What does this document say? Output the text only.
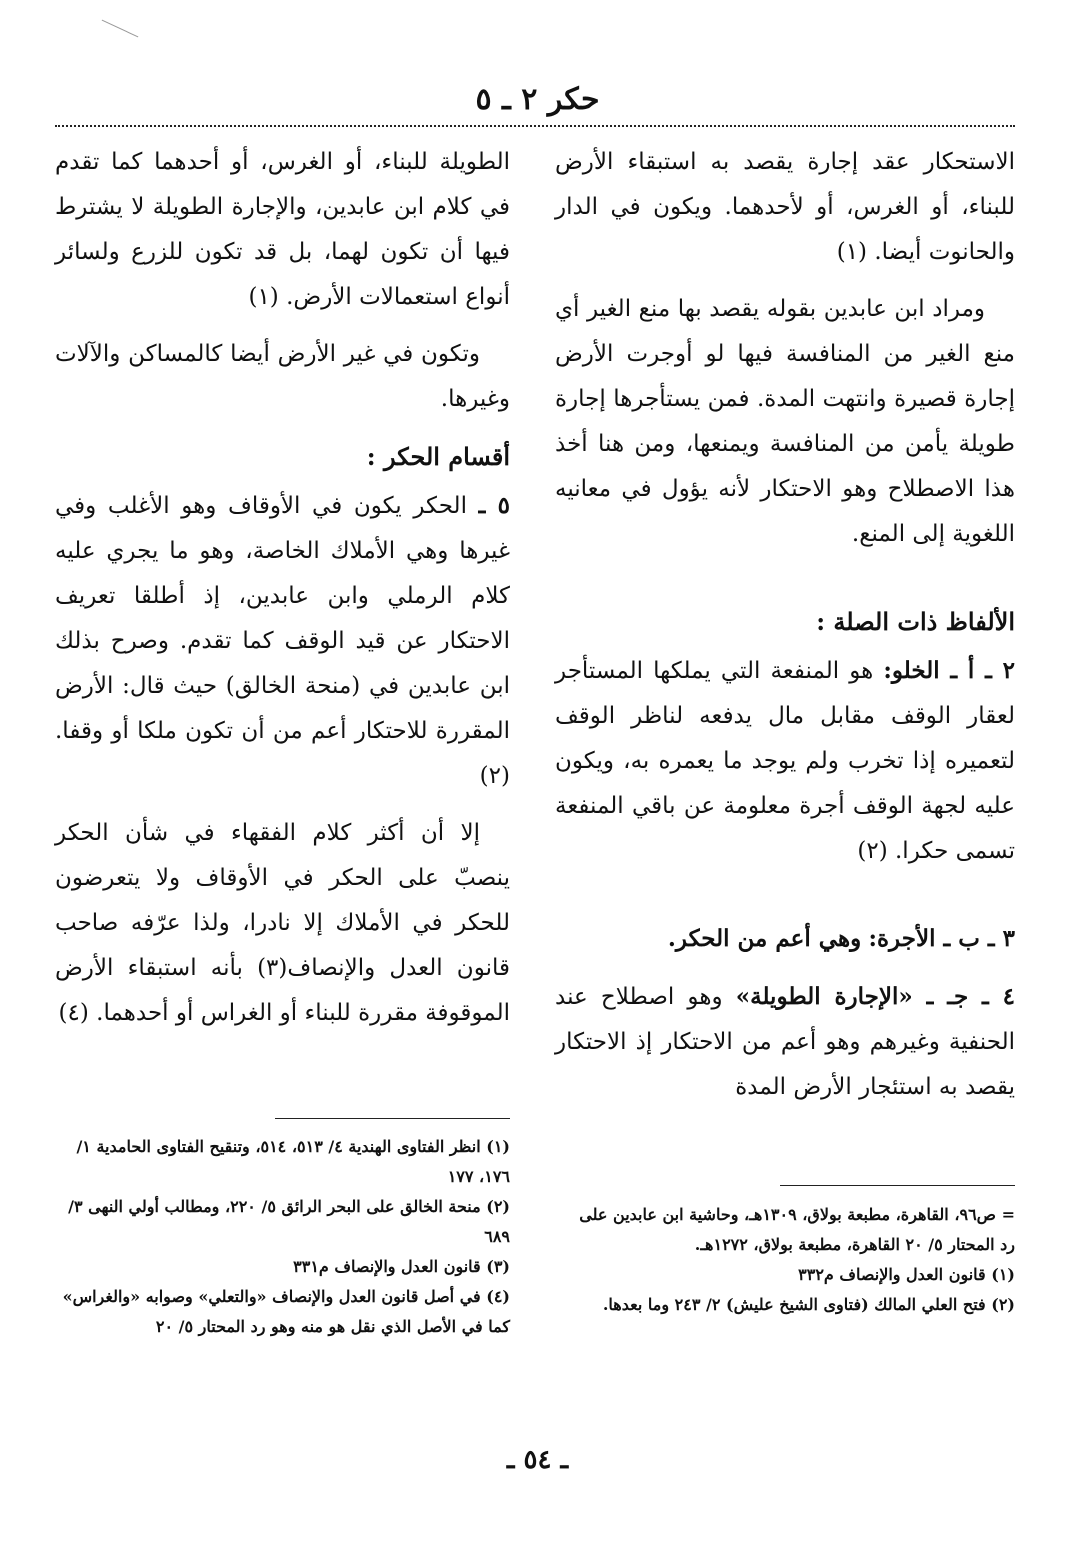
حكر ٢ ـ ٥

الاستحكار عقد إجارة يقصد به استبقاء الأرض للبناء، أو الغرس، أو لأحدهما. ويكون في الدار والحانوت أيضا. (١)

ومراد ابن عابدين بقوله يقصد بها منع الغير أي منع الغير من المنافسة فيها لو أوجرت الأرض إجارة قصيرة وانتهت المدة. فمن يستأجرها إجارة طويلة يأمن من المنافسة ويمنعها، ومن هنا أخذ هذا الاصطلاح وهو الاحتكار لأنه يؤول في معانيه اللغوية إلى المنع.

الألفاظ ذات الصلة :

٢ ـ أ ـ الخلو: هو المنفعة التي يملكها المستأجر لعقار الوقف مقابل مال يدفعه لناظر الوقف لتعميره إذا تخرب ولم يوجد ما يعمره به، ويكون عليه لجهة الوقف أجرة معلومة عن باقي المنفعة تسمى حكرا. (٢)

٣ ـ ب ـ الأجرة: وهي أعم من الحكر.

٤ ـ جـ ـ «الإجارة الطويلة» وهو اصطلاح عند الحنفية وغيرهم وهو أعم من الاحتكار إذ الاحتكار يقصد به استئجار الأرض المدة

الطويلة للبناء، أو الغرس، أو أحدهما كما تقدم في كلام ابن عابدين، والإجارة الطويلة لا يشترط فيها أن تكون لهما، بل قد تكون للزرع ولسائر أنواع استعمالات الأرض. (١)

وتكون في غير الأرض أيضا كالمساكن والآلات وغيرها.

أقسام الحكر :

٥ ـ الحكر يكون في الأوقاف وهو الأغلب وفي غيرها وهي الأملاك الخاصة، وهو ما يجري عليه كلام الرملي وابن عابدين، إذ أطلقا تعريف الاحتكار عن قيد الوقف كما تقدم. وصرح بذلك ابن عابدين في (منحة الخالق) حيث قال: الأرض المقررة للاحتكار أعم من أن تكون ملكا أو وقفا. (٢)

إلا أن أكثر كلام الفقهاء في شأن الحكر ينصبّ على الحكر في الأوقاف ولا يتعرضون للحكر في الأملاك إلا نادرا، ولذا عرّفه صاحب قانون العدل والإنصاف(٣) بأنه استبقاء الأرض الموقوفة مقررة للبناء أو الغراس أو أحدهما. (٤)

(١) انظر الفتاوى الهندية ٤/ ٥١٣، ٥١٤، وتنقيح الفتاوى الحامدية ١/ ١٧٦، ١٧٧

(٢) منحة الخالق على البحر الرائق ٥/ ٢٢٠، ومطالب أولي النهى ٣/ ٦٨٩

(٣) قانون العدل والإنصاف م٣٣١

(٤) في أصل قانون العدل والإنصاف «والتعلي» وصوابه «والغراس» كما في الأصل الذي نقل هو منه وهو رد المحتار ٥/ ٢٠

= ص٩٦، القاهرة، مطبعة بولاق، ١٣٠٩هـ، وحاشية ابن عابدين على رد المحتار ٥/ ٢٠ القاهرة، مطبعة بولاق، ١٢٧٢هـ.

(١) قانون العدل والإنصاف م٣٣٢

(٢) فتح العلي المالك (فتاوى الشيخ عليش) ٢/ ٢٤٣ وما بعدها.

ـ ٥٤ ـ
